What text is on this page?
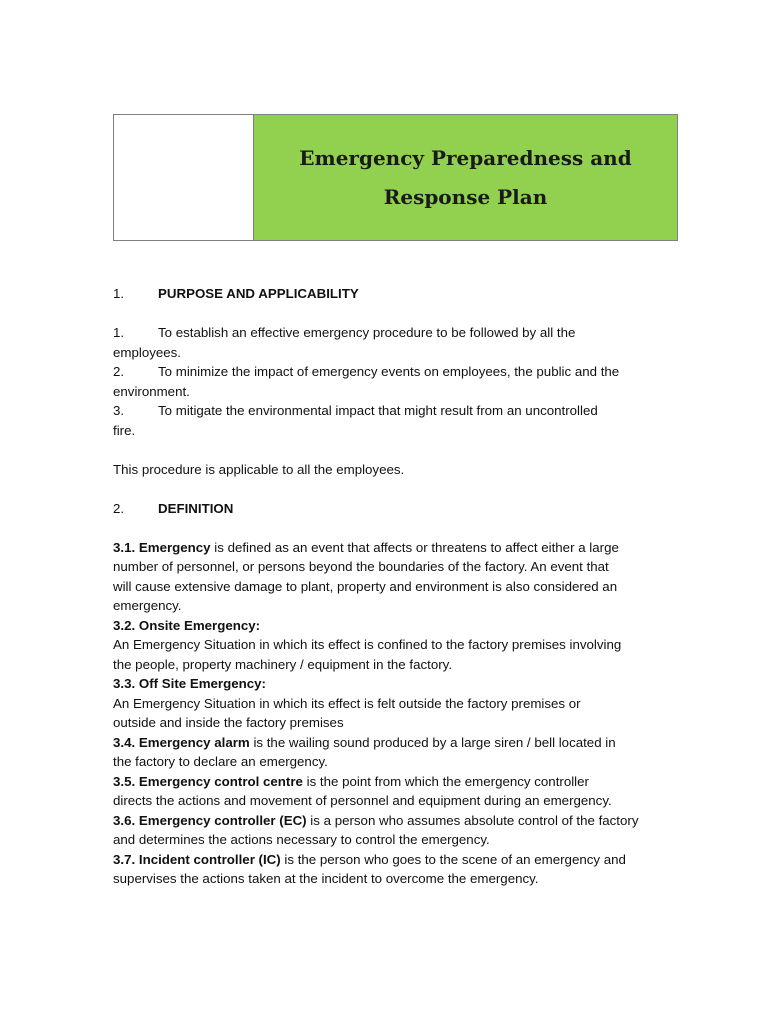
Emergency Preparedness and
Response Plan
1.	PURPOSE AND APPLICABILITY
1.	To establish an effective emergency procedure to be followed by all the
employees.
2.	To minimize the impact of emergency events on employees, the public and the
environment.
3.	To mitigate the environmental impact that might result from an uncontrolled
fire.
This procedure is applicable to all the employees.
2.	DEFINITION
3.1. Emergency is defined as an event that affects or threatens to affect either a large
number of personnel, or persons beyond the boundaries of the factory. An event that
will cause extensive damage to plant, property and environment is also considered an
emergency.
3.2. Onsite Emergency:
An Emergency Situation in which its effect is confined to the factory premises involving
the people, property machinery / equipment in the factory.
3.3. Off Site Emergency:
An Emergency Situation in which its effect is felt outside the factory premises or
outside and inside the factory premises
3.4. Emergency alarm is the wailing sound produced by a large siren / bell located in
the factory to declare an emergency.
3.5. Emergency control centre is the point from which the emergency controller
directs the actions and movement of personnel and equipment during an emergency.
3.6. Emergency controller (EC) is a person who assumes absolute control of the factory
and determines the actions necessary to control the emergency.
3.7. Incident controller (IC) is the person who goes to the scene of an emergency and
supervises the actions taken at the incident to overcome the emergency.
